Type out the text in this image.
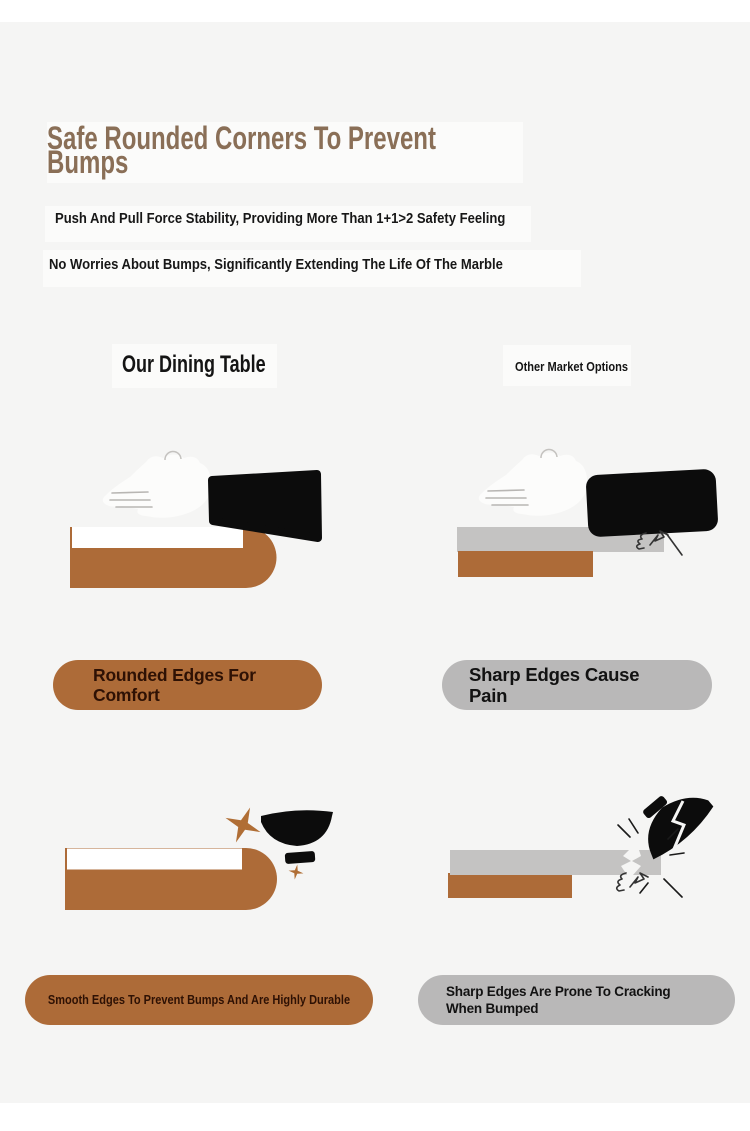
Safe Rounded Corners To Prevent Bumps
Push And Pull Force Stability, Providing More Than 1+1>2 Safety Feeling
No Worries About Bumps, Significantly Extending The Life Of The Marble
Our Dining Table	Other Market Options
Rounded Edges For Comfort
Sharp Edges Cause Pain
Smooth Edges To Prevent Bumps And Are Highly Durable
Sharp Edges Are Prone To Cracking When Bumped
